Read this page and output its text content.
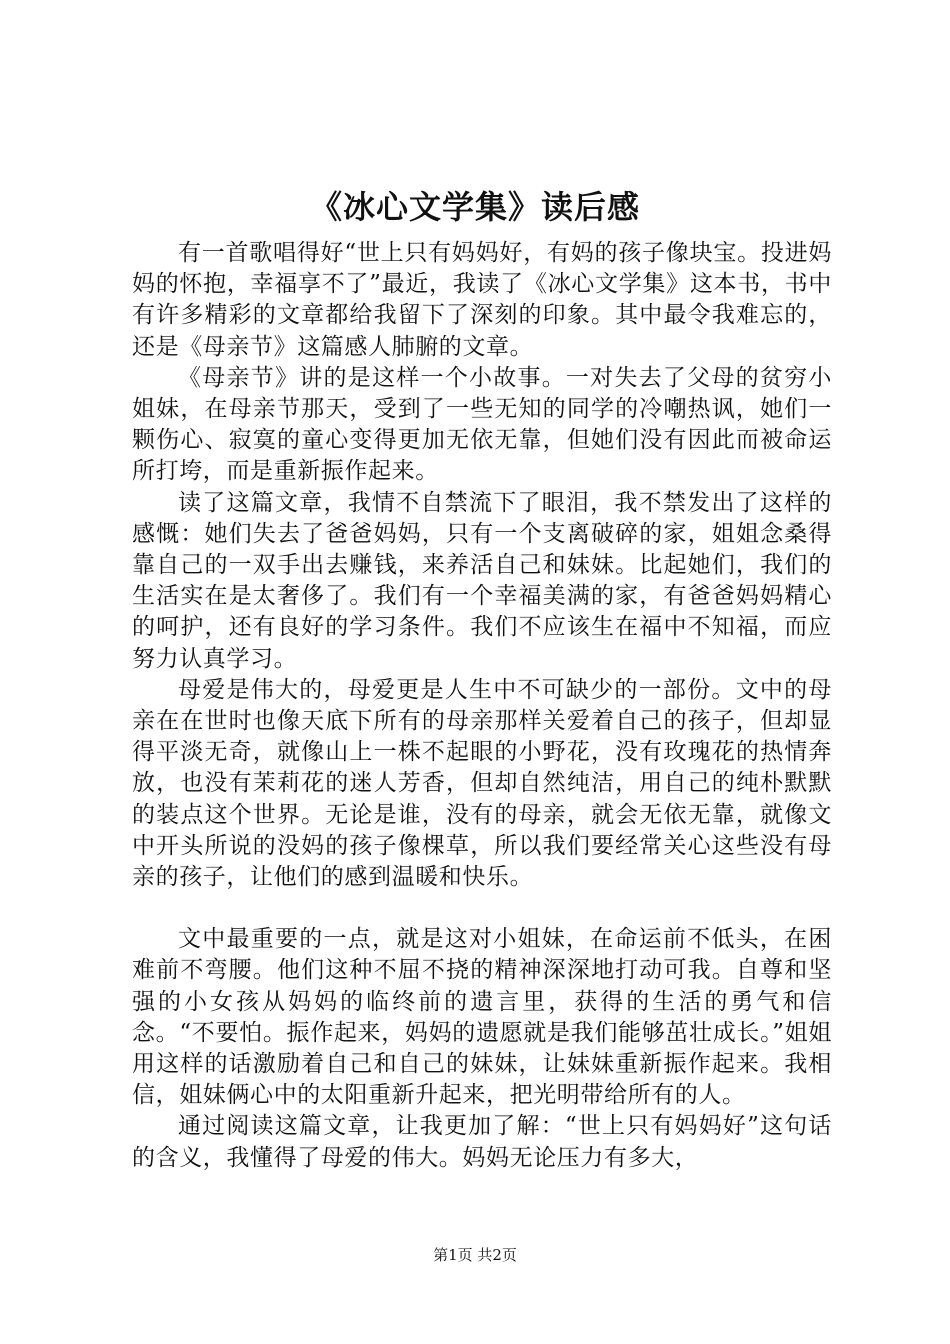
《冰心文学集》读后感

有一首歌唱得好“世上只有妈妈好，有妈的孩子像块宝。投进妈妈的怀抱，幸福享不了”最近，我读了《冰心文学集》这本书，书中有许多精彩的文章都给我留下了深刻的印象。其中最令我难忘的，还是《母亲节》这篇感人肺腑的文章。

《母亲节》讲的是这样一个小故事。一对失去了父母的贫穷小姐妹，在母亲节那天，受到了一些无知的同学的冷嘲热讽，她们一颗伤心、寂寞的童心变得更加无依无靠，但她们没有因此而被命运所打垮，而是重新振作起来。

读了这篇文章，我情不自禁流下了眼泪，我不禁发出了这样的感慨：她们失去了爸爸妈妈，只有一个支离破碎的家，姐姐念桑得靠自己的一双手出去赚钱，来养活自己和妹妹。比起她们，我们的生活实在是太奢侈了。我们有一个幸福美满的家，有爸爸妈妈精心的呵护，还有良好的学习条件。我们不应该生在福中不知福，而应努力认真学习。

母爱是伟大的，母爱更是人生中不可缺少的一部份。文中的母亲在在世时也像天底下所有的母亲那样关爱着自己的孩子，但却显得平淡无奇，就像山上一株不起眼的小野花，没有玫瑰花的热情奔放，也没有茉莉花的迷人芳香，但却自然纯洁，用自己的纯朴默默的装点这个世界。无论是谁，没有的母亲，就会无依无靠，就像文中开头所说的没妈的孩子像棵草，所以我们要经常关心这些没有母亲的孩子，让他们的感到温暖和快乐。

文中最重要的一点，就是这对小姐妹，在命运前不低头，在困难前不弯腰。他们这种不屈不挠的精神深深地打动可我。自尊和坚强的小女孩从妈妈的临终前的遗言里，获得的生活的勇气和信念。“不要怕。振作起来，妈妈的遗愿就是我们能够茁壮成长。”姐姐用这样的话激励着自己和自己的妹妹，让妹妹重新振作起来。我相信，姐妹俩心中的太阳重新升起来，把光明带给所有的人。

通过阅读这篇文章，让我更加了解：“世上只有妈妈好”这句话的含义，我懂得了母爱的伟大。妈妈无论压力有多大，

第1页 共2页
